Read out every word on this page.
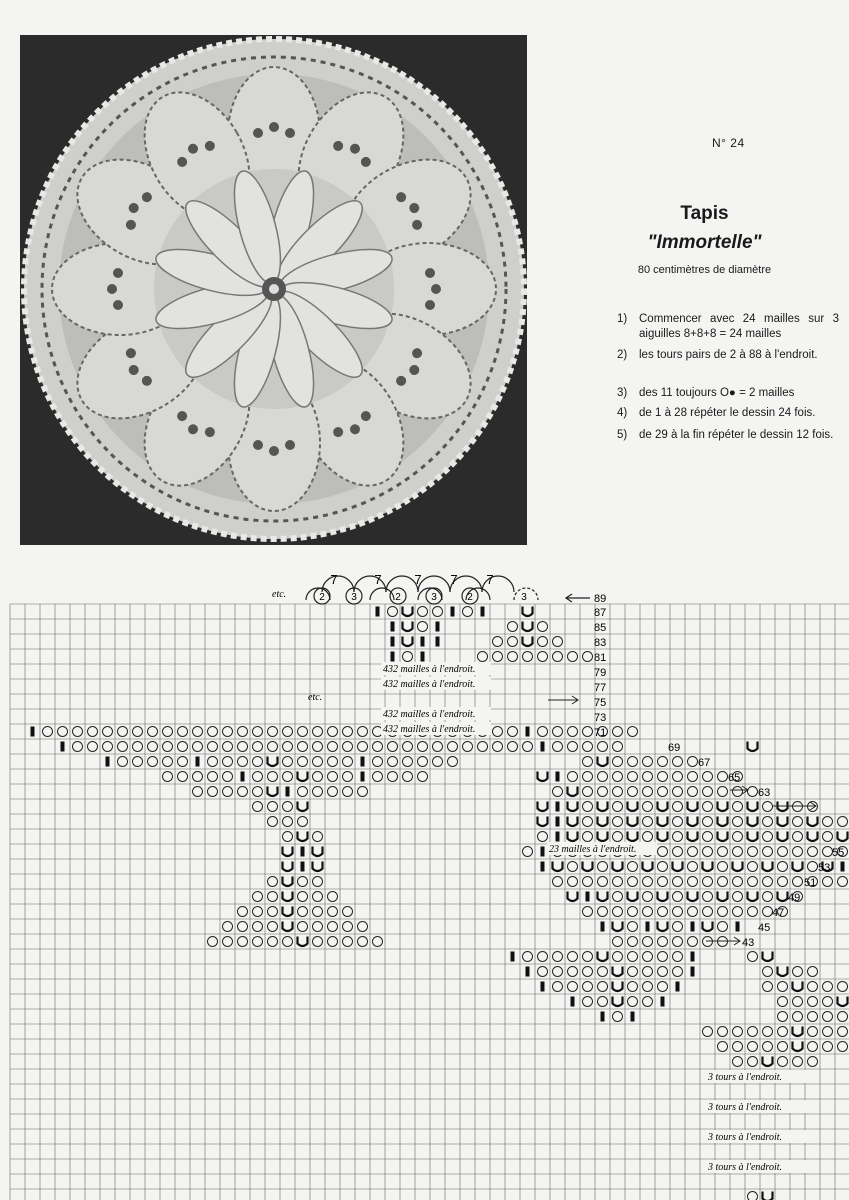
N° 24
Tapis
"Immortelle"
80 centimètres de diamètre
1) Commencer avec 24 mailles sur 3 aiguilles 8+8+8 = 24 mailles
2) les tours pairs de 2 à 88 à l'endroit.
3) des 11 toujours O● = 2 mailles
4) de 1 à 28 répéter le dessin 24 fois.
5) de 29 à la fin répéter le dessin 12 fois.
etc.
7	7	7 7 7
2	3	2	3	2	3	89
87
85
83
81
79
77
75
73
71
69
67
65
63
55
53
51
49
47
45
43
432 mailles à l'endroit.
432 mailles à l'endroit.
432 mailles à l'endroit.
432 mailles à l'endroit.
23 mailles à l'endroit.
etc.
3 tours à l'endroit.
3 tours à l'endroit.
3 tours à l'endroit.
3 tours à l'endroit.
